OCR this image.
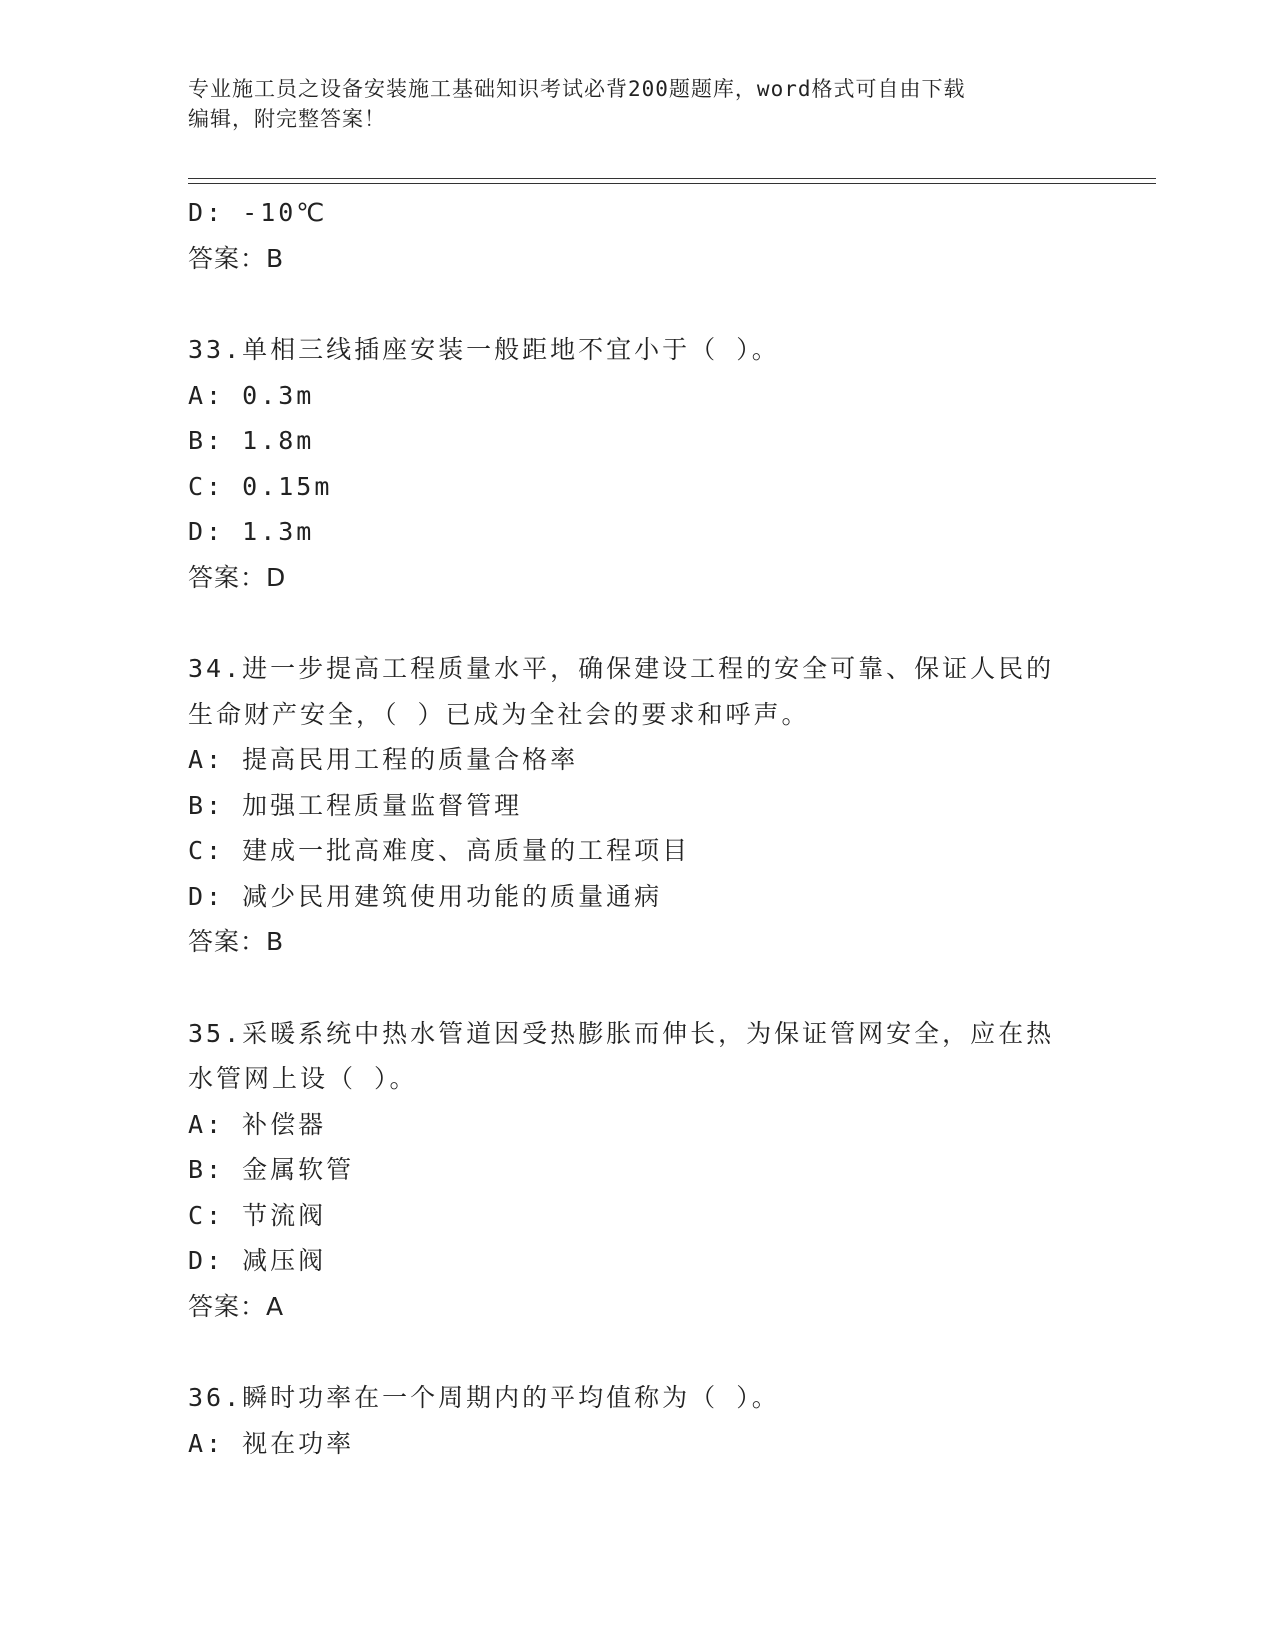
专业施工员之设备安装施工基础知识考试必背200题题库，word格式可自由下载
编辑，附完整答案！
D: -10℃
答案：B
33.单相三线插座安装一般距地不宜小于（ ）。
A: 0.3m
B: 1.8m
C: 0.15m
D: 1.3m
答案：D
34.进一步提高工程质量水平，确保建设工程的安全可靠、保证人民的
生命财产安全，（ ）已成为全社会的要求和呼声。
A: 提高民用工程的质量合格率
B: 加强工程质量监督管理
C: 建成一批高难度、高质量的工程项目
D: 减少民用建筑使用功能的质量通病
答案：B
35.采暖系统中热水管道因受热膨胀而伸长，为保证管网安全，应在热
水管网上设（ ）。
A: 补偿器
B: 金属软管
C: 节流阀
D: 减压阀
答案：A
36.瞬时功率在一个周期内的平均值称为（ ）。
A: 视在功率
